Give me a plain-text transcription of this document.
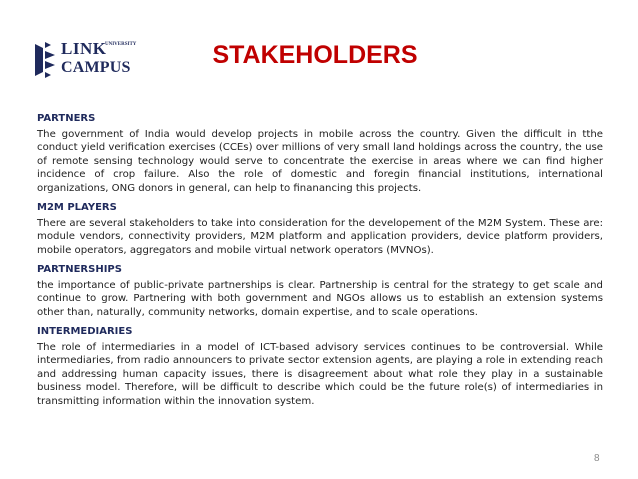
LINK
UNIVERSITY
CAMPUS	STAKEHOLDERS

PARTNERS

The government of India would develop projects in mobile across the country. Given the difficult in tthe conduct yield verification exercises (CCEs) over millions of very small land holdings across the country, the use of remote sensing technology would serve to concentrate the exercise in areas where we can find higher incidence of crop failure. Also the role of domestic and foregin financial institutions, international organizations, ONG donors in general, can help to finanancing this projects.

M2M PLAYERS

There are several stakeholders to take into consideration for the developement of the M2M System. These are: module vendors, connectivity providers, M2M platform and application providers, device platform providers, mobile operators, aggregators and mobile virtual network operators (MVNOs).

PARTNERSHIPS

the importance of public-private partnerships is clear. Partnership is central for the strategy to get scale and continue to grow. Partnering with both government and NGOs allows us to establish an extension systems other than, naturally, community networks, domain expertise, and to scale operations.

INTERMEDIARIES

The role of intermediaries in a model of ICT-based advisory services continues to be controversial. While intermediaries, from radio announcers to private sector extension agents, are playing a role in extending reach and addressing human capacity issues, there is disagreement about what role they play in a sustainable business model. Therefore, will be difficult to describe which could be the future role(s) of intermediaries in transmitting information within the innovation system.

8
